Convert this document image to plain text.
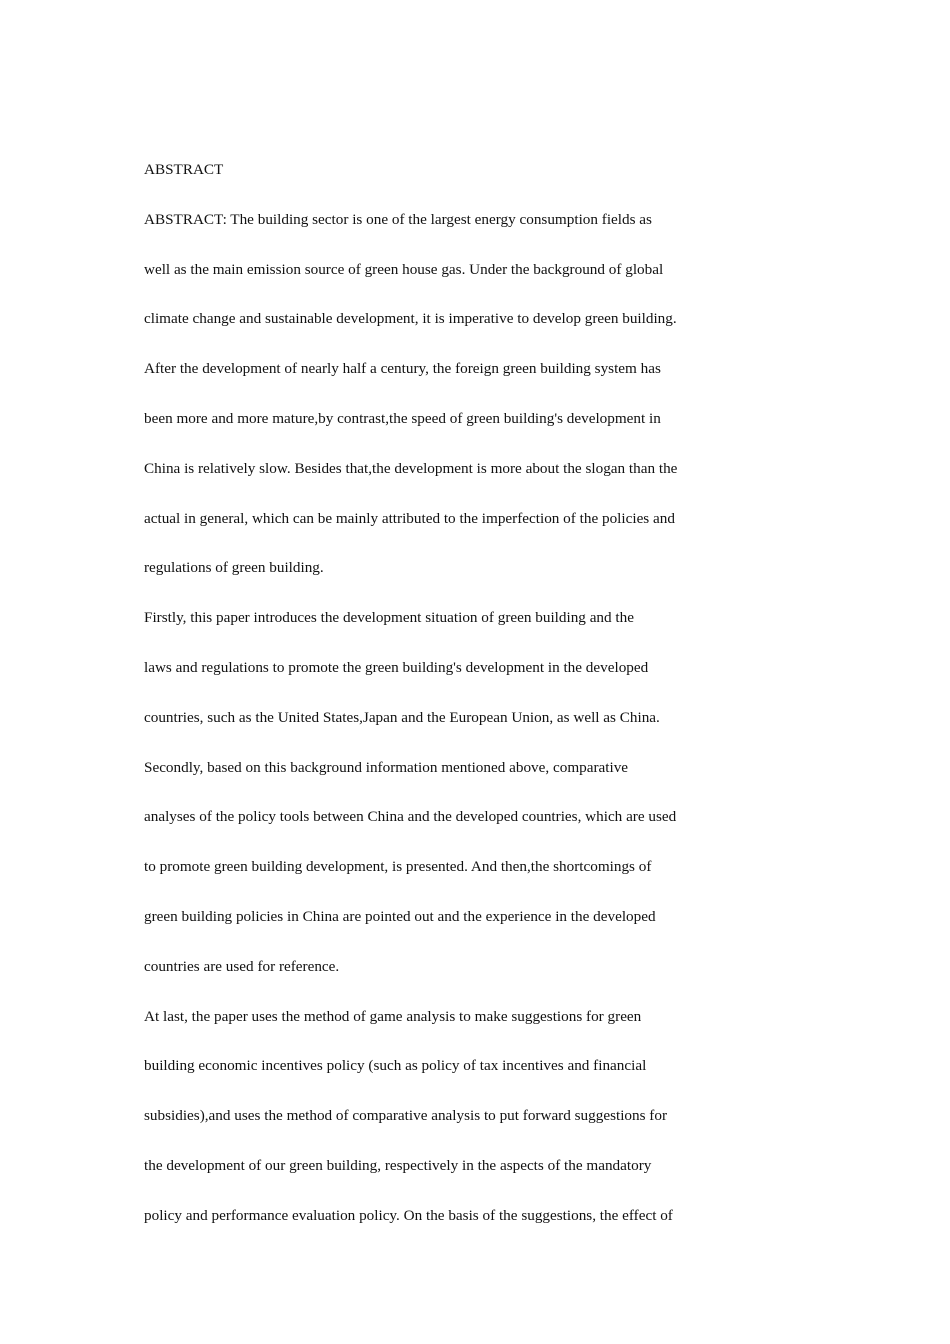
ABSTRACT

ABSTRACT: The building sector is one of the largest energy consumption fields as

well as the main emission source of green house gas. Under the background of global

climate change and sustainable development, it is imperative to develop green building.

After the development of nearly half a century, the foreign green building system has

been more and more mature,by contrast,the speed of green building's development in

China is relatively slow. Besides that,the development is more about the slogan than the

actual in general, which can be mainly attributed to the imperfection of the policies and

regulations of green building.

Firstly, this paper introduces the development situation of green building and the

laws and regulations to promote the green building's development in the developed

countries, such as the United States,Japan and the European Union, as well as China.

Secondly, based on this background information mentioned above, comparative

analyses of the policy tools between China and the developed countries, which are used

to promote green building development, is presented. And then,the shortcomings of

green building policies in China are pointed out and the experience in the developed

countries are used for reference.

At last, the paper uses the method of game analysis to make suggestions for green

building economic incentives policy (such as policy of tax incentives and financial

subsidies),and uses the method of comparative analysis to put forward suggestions for

the development of our green building, respectively in the aspects of the mandatory

policy and performance evaluation policy. On the basis of the suggestions, the effect of
